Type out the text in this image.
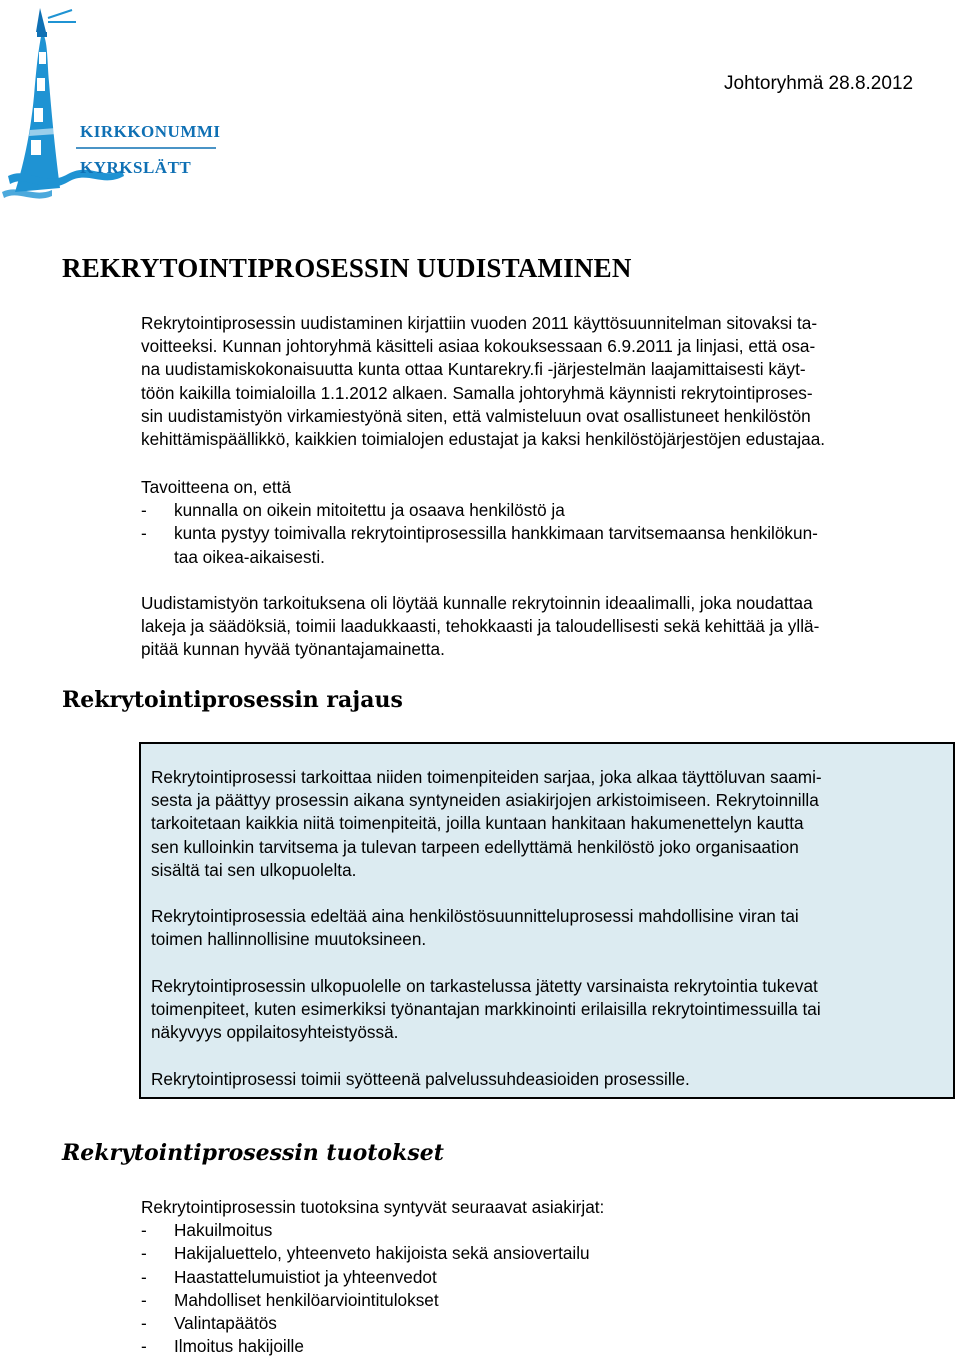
KIRKKONUMMI
KYRKSLÄTT
Johtoryhmä 28.8.2012
REKRYTOINTIPROSESSIN UUDISTAMINEN
Rekrytointiprosessin uudistaminen kirjattiin vuoden 2011 käyttösuunnitelman sitovaksi ta-
voitteeksi. Kunnan johtoryhmä käsitteli asiaa kokouksessaan 6.9.2011 ja linjasi, että osa-
na uudistamiskokonaisuutta kunta ottaa Kuntarekry.fi -järjestelmän laajamittaisesti käyt-
töön kaikilla toimialoilla 1.1.2012 alkaen. Samalla johtoryhmä käynnisti rekrytointiproses-
sin uudistamistyön virkamiestyönä siten, että valmisteluun ovat osallistuneet henkilöstön
kehittämispäällikkö, kaikkien toimialojen edustajat ja kaksi henkilöstöjärjestöjen edustajaa.
Tavoitteena on, että
-	kunnalla on oikein mitoitettu ja osaava henkilöstö ja
-	kunta pystyy toimivalla rekrytointiprosessilla hankkimaan tarvitsemaansa henkilökun-
taa oikea-aikaisesti.
Uudistamistyön tarkoituksena oli löytää kunnalle rekrytoinnin ideaalimalli, joka noudattaa
lakeja ja säädöksiä, toimii laadukkaasti, tehokkaasti ja taloudellisesti sekä kehittää ja yllä-
pitää kunnan hyvää työnantajamainetta.
Rekrytointiprosessin rajaus
Rekrytointiprosessi tarkoittaa niiden toimenpiteiden sarjaa, joka alkaa täyttöluvan saami-
sesta ja päättyy prosessin aikana syntyneiden asiakirjojen arkistoimiseen. Rekrytoinnilla
tarkoitetaan kaikkia niitä toimenpiteitä, joilla kuntaan hankitaan hakumenettelyn kautta
sen kulloinkin tarvitsema ja tulevan tarpeen edellyttämä henkilöstö joko organisaation
sisältä tai sen ulkopuolelta.
Rekrytointiprosessia edeltää aina henkilöstösuunnitteluprosessi mahdollisine viran tai
toimen hallinnollisine muutoksineen.
Rekrytointiprosessin ulkopuolelle on tarkastelussa jätetty varsinaista rekrytointia tukevat
toimenpiteet, kuten esimerkiksi työnantajan markkinointi erilaisilla rekrytointimessuilla tai
näkyvyys oppilaitosyhteistyössä.
Rekrytointiprosessi toimii syötteenä palvelussuhdeasioiden prosessille.
Rekrytointiprosessin tuotokset
Rekrytointiprosessin tuotoksina syntyvät seuraavat asiakirjat:
-	Hakuilmoitus
-	Hakijaluettelo, yhteenveto hakijoista sekä ansiovertailu
-	Haastattelumuistiot ja yhteenvedot
-	Mahdolliset henkilöarviointitulokset
-	Valintapäätös
-	Ilmoitus hakijoille
